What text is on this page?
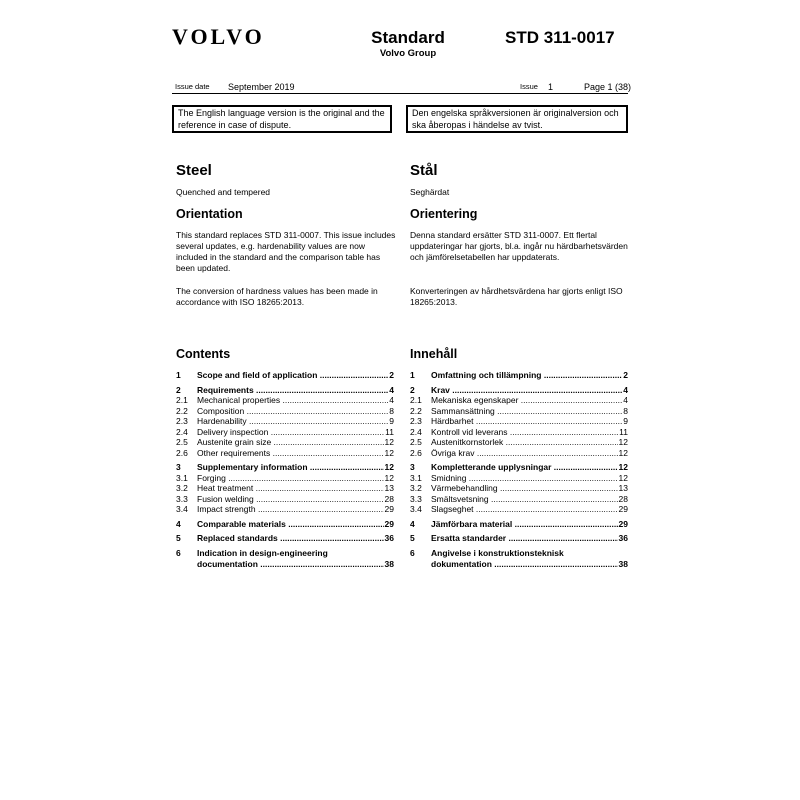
VOLVO	Standard
Volvo Group
STD 311-0017
Issue date September 2019	Issue 1	Page 1 (38)
The English language version is the original and the reference in case of dispute.
Den engelska språkversionen är originalversion och ska åberopas i händelse av tvist.
Steel
Quenched and tempered
Orientation
This standard replaces STD 311-0007. This issue includes several updates, e.g. hardenability values are now included in the standard and the comparison table has been updated.
The conversion of hardness values has been made in accordance with ISO 18265:2013.
Contents
1 Scope and field of application .....	2
2 Requirements .....	4
2.1 Mechanical properties .....	4
2.2 Composition .....	8
2.3 Hardenability .....	9
2.4 Delivery inspection .....	11
2.5 Austenite grain size .....	12
2.6 Other requirements .....	12
3 Supplementary information .....	12
3.1 Forging .....	12
3.2 Heat treatment .....	13
3.3 Fusion welding .....	28
3.4 Impact strength .....	29
4 Comparable materials .....	29
5 Replaced standards .....	36
6 Indication in design-engineering
documentation .....	38
Stål
Seghärdat
Orientering
Denna standard ersätter STD 311-0007. Ett flertal uppdateringar har gjorts, bl.a. ingår nu härdbarhetsvärden och jämförelsetabellen har uppdaterats.
Konverteringen av hårdhetsvärdena har gjorts enligt ISO 18265:2013.
Innehåll
1 Omfattning och tillämpning .....	2
2 Krav .....	4
2.1 Mekaniska egenskaper .....	4
2.2 Sammansättning .....	8
2.3 Härdbarhet .....	9
2.4 Kontroll vid leverans .....	11
2.5 Austenitkornstorlek .....	12
2.6 Övriga krav .....	12
3 Kompletterande upplysningar .....	12
3.1 Smidning .....	12
3.2 Värmebehandling .....	13
3.3 Smältsvetsning .....	28
3.4 Slagseghet .....	29
4 Jämförbara material .....	29
5 Ersatta standarder .....	36
6 Angivelse i konstruktionsteknisk
dokumentation .....	38
